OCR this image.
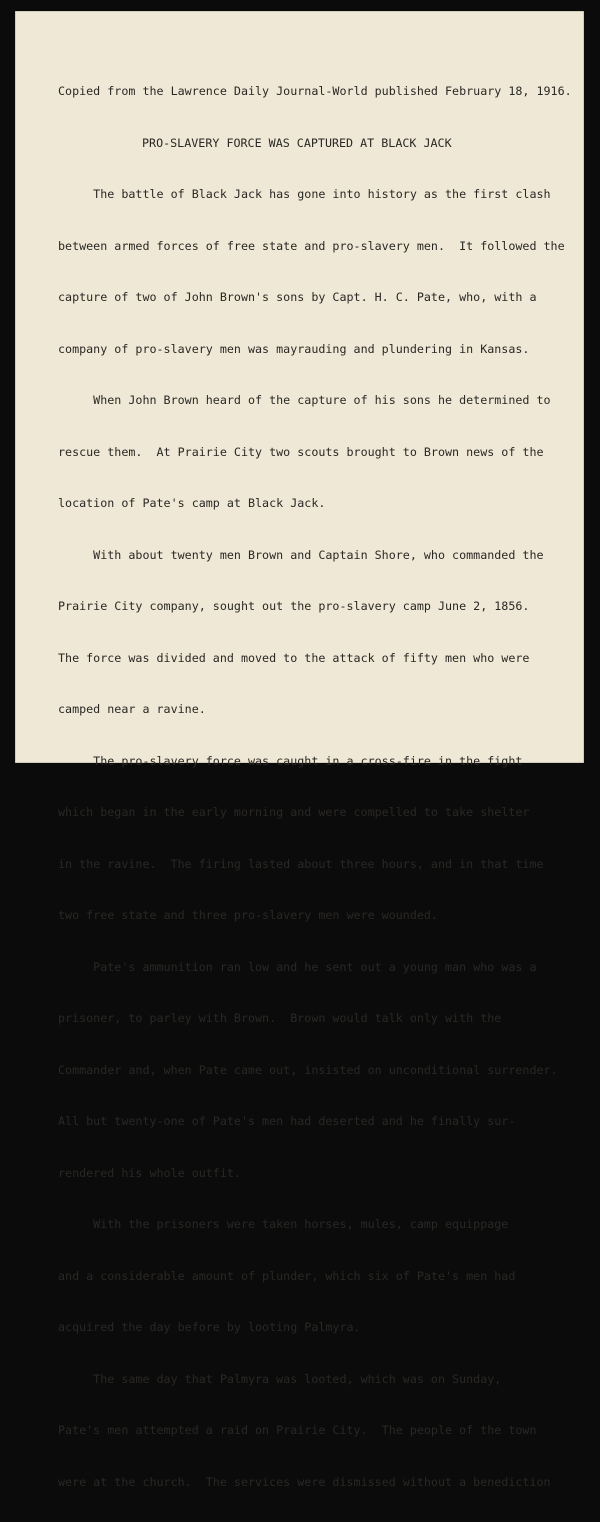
Copied from the Lawrence Daily Journal-World published February 18, 1916.

PRO-SLAVERY FORCE WAS CAPTURED AT BLACK JACK

The battle of Black Jack has gone into history as the first clash

between armed forces of free state and pro-slavery men.  It followed the

capture of two of John Brown's sons by Capt. H. C. Pate, who, with a

company of pro-slavery men was mayrauding and plundering in Kansas.

When John Brown heard of the capture of his sons he determined to

rescue them.  At Prairie City two scouts brought to Brown news of the

location of Pate's camp at Black Jack.

With about twenty men Brown and Captain Shore, who commanded the

Prairie City company, sought out the pro-slavery camp June 2, 1856.

The force was divided and moved to the attack of fifty men who were

camped near a ravine.

The pro-slavery force was caught in a cross-fire in the fight

which began in the early morning and were compelled to take shelter

in the ravine.  The firing lasted about three hours, and in that time

two free state and three pro-slavery men were wounded.

Pate's ammunition ran low and he sent out a young man who was a

prisoner, to parley with Brown.  Brown would talk only with the

Commander and, when Pate came out, insisted on unconditional surrender.

All but twenty-one of Pate's men had deserted and he finally sur-

rendered his whole outfit.

With the prisoners were taken horses, mules, camp equippage

and a considerable amount of plunder, which six of Pate's men had

acquired the day before by looting Palmyra.

The same day that Palmyra was looted, which was on Sunday,

Pate's men attempted a raid on Prairie City.  The people of the town

were at the church.  The services were dismissed without a benediction
